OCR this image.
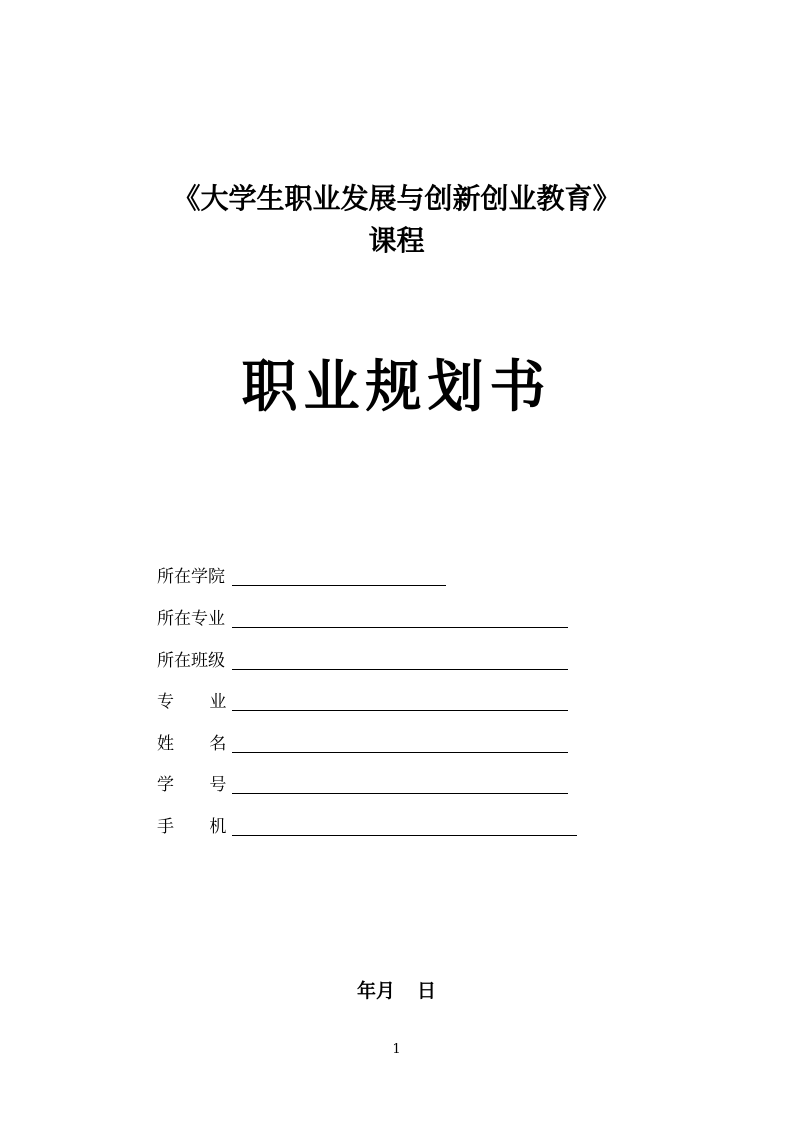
《大学生职业发展与创新创业教育》
课程
职业规划书
所在学院
所在专业
所在班级
专 业
姓 名
学 号
手 机
年月 日
1
